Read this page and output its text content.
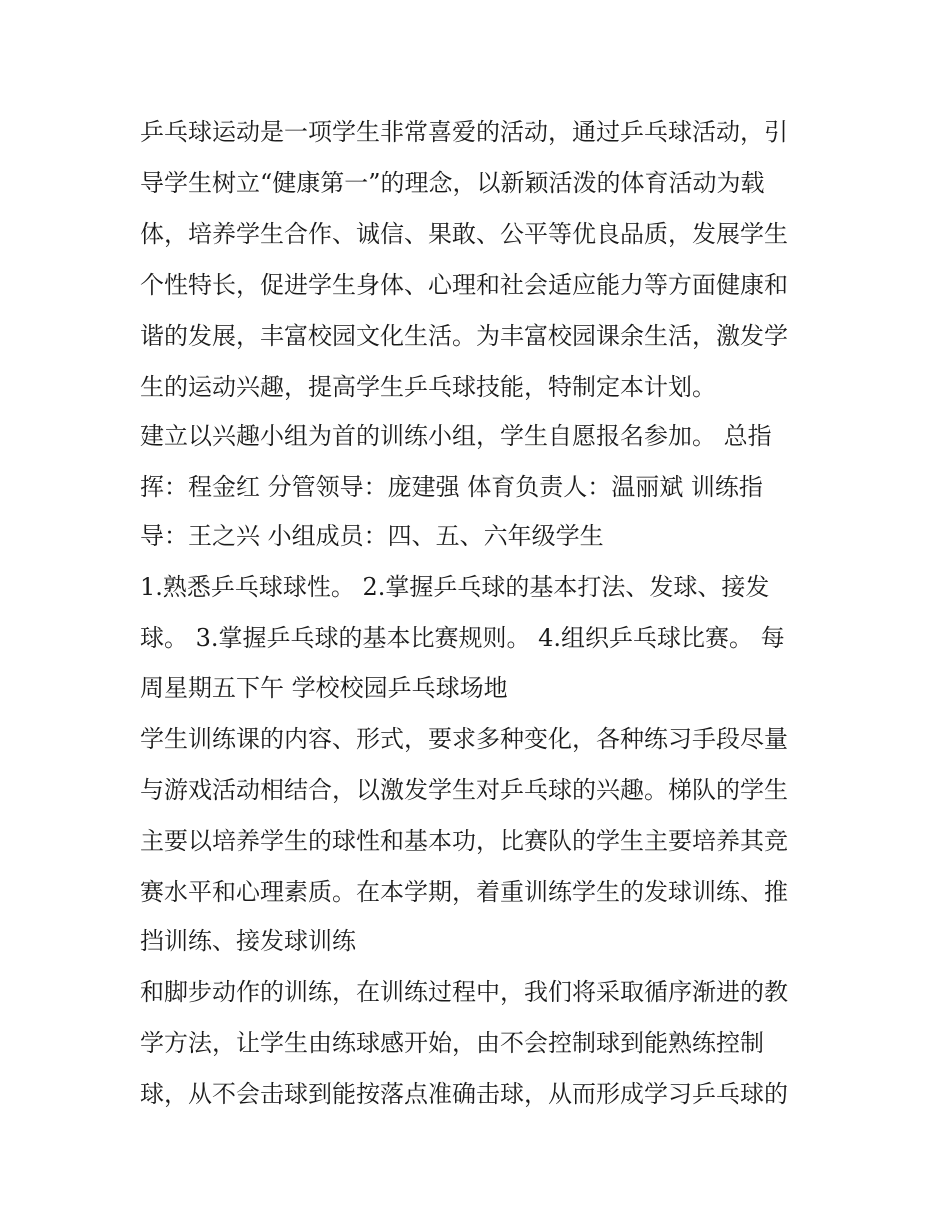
乒乓球运动是一项学生非常喜爱的活动，通过乒乓球活动，引
导学生树立“健康第一”的理念，以新颖活泼的体育活动为载
体，培养学生合作、诚信、果敢、公平等优良品质，发展学生
个性特长，促进学生身体、心理和社会适应能力等方面健康和
谐的发展，丰富校园文化生活。为丰富校园课余生活，激发学
生的运动兴趣，提高学生乒乓球技能，特制定本计划。
建立以兴趣小组为首的训练小组，学生自愿报名参加。 总指
挥：程金红 分管领导：庞建强 体育负责人：温丽斌 训练指
导：王之兴 小组成员：四、五、六年级学生
1.熟悉乒乓球球性。 2.掌握乒乓球的基本打法、发球、接发
球。 3.掌握乒乓球的基本比赛规则。 4.组织乒乓球比赛。 每
周星期五下午 学校校园乒乓球场地
学生训练课的内容、形式，要求多种变化，各种练习手段尽量
与游戏活动相结合，以激发学生对乒乓球的兴趣。梯队的学生
主要以培养学生的球性和基本功，比赛队的学生主要培养其竞
赛水平和心理素质。在本学期，着重训练学生的发球训练、推
挡训练、接发球训练
和脚步动作的训练，在训练过程中，我们将采取循序渐进的教
学方法，让学生由练球感开始，由不会控制球到能熟练控制
球，从不会击球到能按落点准确击球，从而形成学习乒乓球的
